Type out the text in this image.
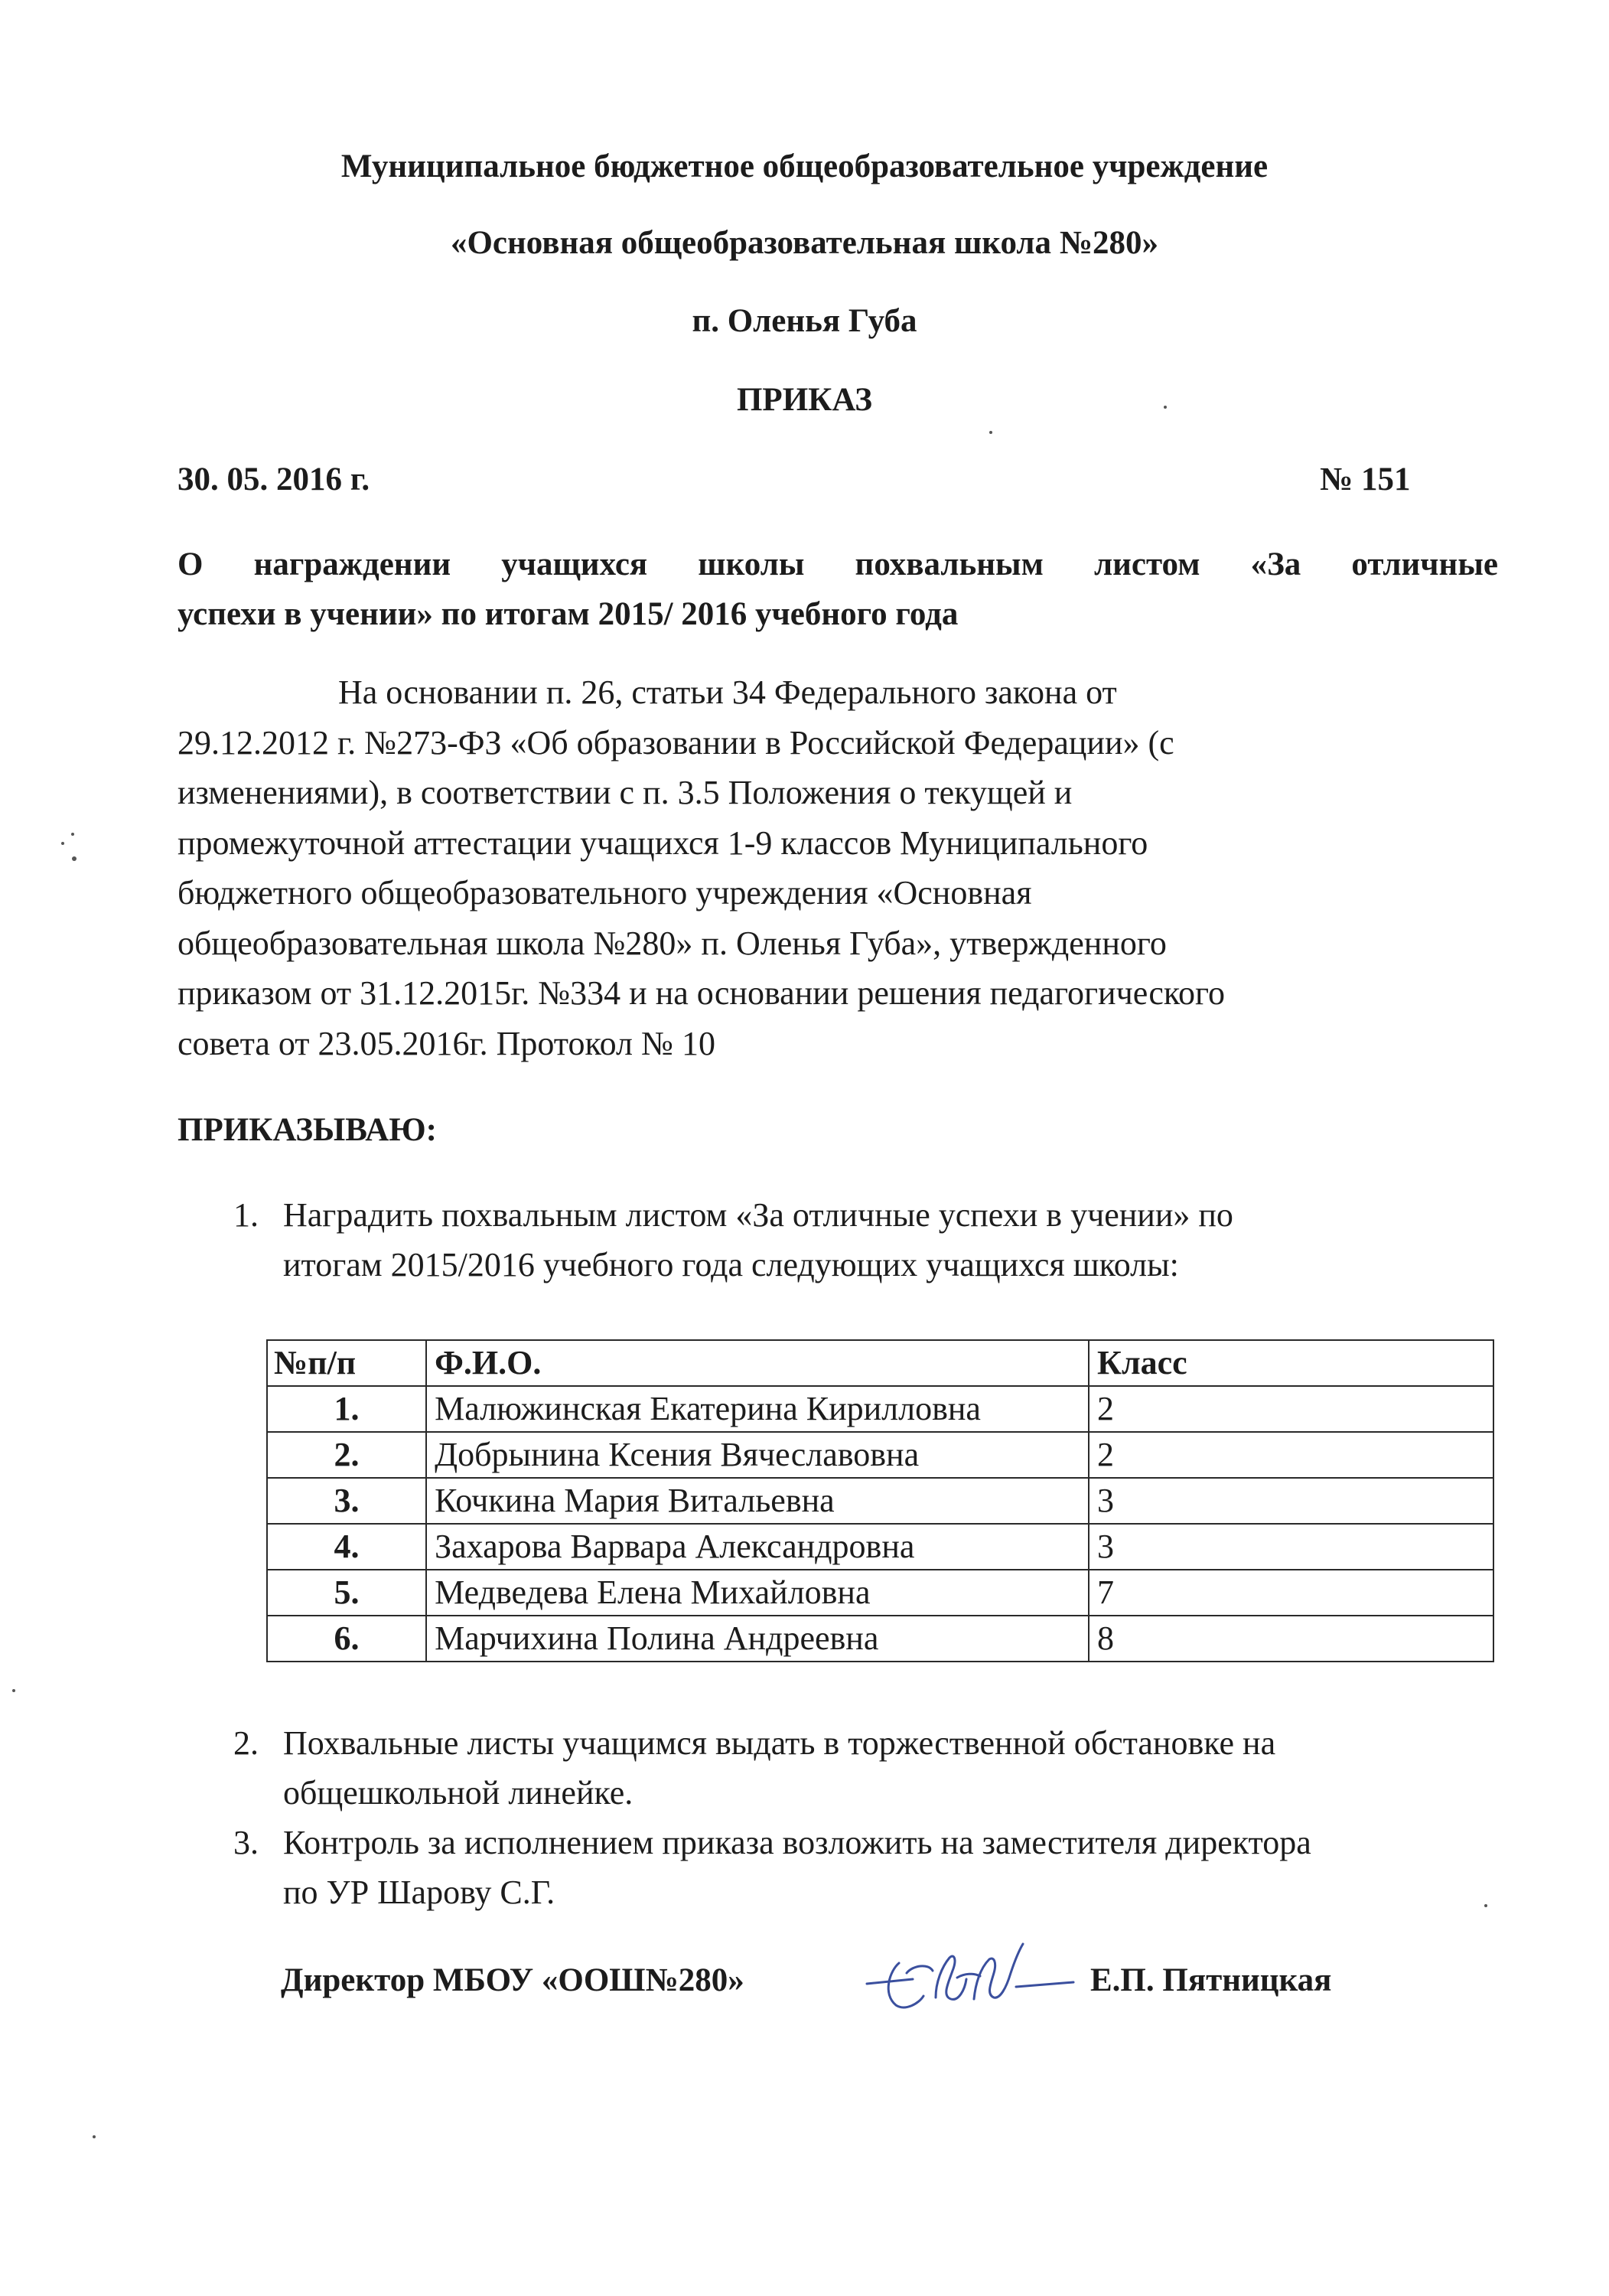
Муниципальное бюджетное общеобразовательное учреждение
«Основная общеобразовательная школа №280»
п. Оленья Губа
ПРИКАЗ
30. 05. 2016 г.	№ 151
О награждении учащихся школы похвальным листом «За отличные
успехи в учении» по итогам 2015/ 2016 учебного года
На основании п. 26, статьи 34 Федерального закона от
29.12.2012 г. №273-ФЗ «Об образовании в Российской Федерации» (с
изменениями), в соответствии с п. 3.5 Положения о текущей и
промежуточной аттестации учащихся 1-9 классов Муниципального
бюджетного общеобразовательного учреждения «Основная
общеобразовательная школа №280» п. Оленья Губа», утвержденного
приказом от 31.12.2015г. №334 и на основании решения педагогического
совета от 23.05.2016г. Протокол № 10
ПРИКАЗЫВАЮ:
1. Наградить похвальным листом «За отличные успехи в учении» по
итогам 2015/2016 учебного года следующих учащихся школы:
№п/п	Ф.И.О.	Класс
1.	Малюжинская Екатерина Кирилловна	2
2.	Добрынина Ксения Вячеславовна	2
3.	Кочкина Мария Витальевна	3
4.	Захарова Варвара Александровна	3
5.	Медведева Елена Михайловна	7
6.	Марчихина Полина Андреевна	8
2. Похвальные листы учащимся выдать в торжественной обстановке на
общешкольной линейке.
3. Контроль за исполнением приказа возложить на заместителя директора
по УР Шарову С.Г.
Директор МБОУ «ООШ№280»	Е.П. Пятницкая
